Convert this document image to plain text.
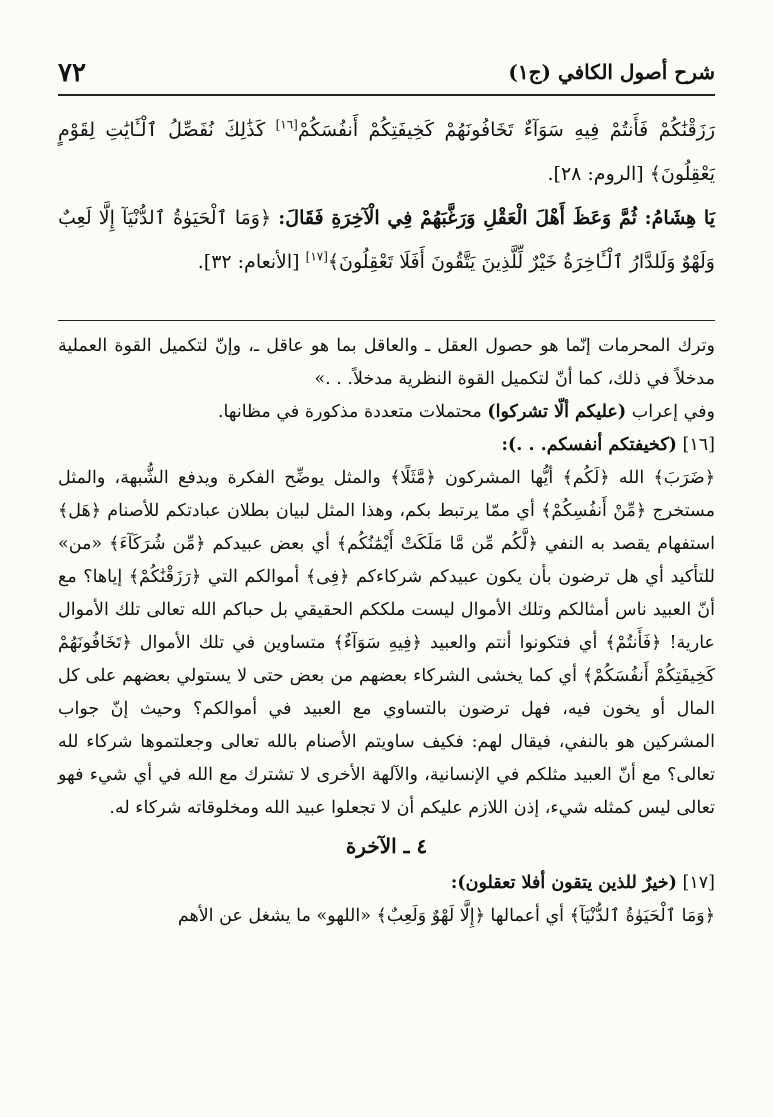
٧٢	شرح أصول الكافي (ج١)

رَزَقْنَٰكُمْ فَأَنتُمْ فِيهِ سَوَآءٌ تَخَافُونَهُمْ كَخِيفَتِكُمْ أَنفُسَكُمْ[١٦] كَذَٰلِكَ نُفَصِّلُ ٱلْـَٔايَٰتِ لِقَوْمٍ يَعْقِلُونَ﴾ [الروم: ٢٨].

يَا هِشَامُ: ثُمَّ وَعَظَ أَهْلَ الْعَقْلِ وَرَغَّبَهُمْ فِي الْآخِرَةِ فَقَالَ: ﴿وَمَا ٱلْحَيَوٰةُ ٱلدُّنْيَآ إِلَّا لَعِبٌ وَلَهْوٌ وَلَلدَّارُ ٱلْـَٔاخِرَةُ خَيْرٌ لِّلَّذِينَ يَتَّقُونَ أَفَلَا تَعْقِلُونَ﴾[١٧] [الأنعام: ٣٢].

وترك المحرمات إنّما هو حصول العقل ـ والعاقل بما هو عاقل ـ، وإنّ لتكميل القوة العملية مدخلاً في ذلك، كما أنّ لتكميل القوة النظرية مدخلاً. . .»

وفي إعراب (عليكم ألّا تشركوا) محتملات متعددة مذكورة في مظانها.

[١٦] (كخيفتكم أنفسكم. . .):

﴿ضَرَبَ﴾ الله ﴿لَكُم﴾ أيُّها المشركون ﴿مَّثَلًا﴾ والمثل يوضِّح الفكرة ويدفع الشُّبهة، والمثل مستخرج ﴿مِّنْ أَنفُسِكُمْ﴾ أي ممّا يرتبط بكم، وهذا المثل لبيان بطلان عبادتكم للأصنام ﴿هَل﴾ استفهام يقصد به النفي ﴿لَّكُم مِّن مَّا مَلَكَتْ أَيْمَٰنُكُم﴾ أي بعض عبيدكم ﴿مِّن شُرَكَآءَ﴾ «من» للتأكيد أي هل ترضون بأن يكون عبيدكم شركاءكم ﴿فِى﴾ أموالكم التي ﴿رَزَقْنَٰكُمْ﴾ إياها؟ مع أنّ العبيد ناس أمثالكم وتلك الأموال ليست ملككم الحقيقي بل حباكم الله تعالى تلك الأموال عارية! ﴿فَأَنتُمْ﴾ أي فتكونوا أنتم والعبيد ﴿فِيهِ سَوَآءٌ﴾ متساوين في تلك الأموال ﴿تَخَافُونَهُمْ كَخِيفَتِكُمْ أَنفُسَكُمْ﴾ أي كما يخشى الشركاء بعضهم من بعض حتى لا يستولي بعضهم على كل المال أو يخون فيه، فهل ترضون بالتساوي مع العبيد في أموالكم؟ وحيث إنّ جواب المشركين هو بالنفي، فيقال لهم: فكيف ساويتم الأصنام بالله تعالى وجعلتموها شركاء لله تعالى؟ مع أنّ العبيد مثلكم في الإنسانية، والآلهة الأخرى لا تشترك مع الله في أي شيء فهو تعالى ليس كمثله شيء، إذن اللازم عليكم أن لا تجعلوا عبيد الله ومخلوقاته شركاء له.

٤ ـ الآخرة

[١٧] (خيرٌ للذين يتقون أفلا تعقلون):

﴿وَمَا ٱلْحَيَوٰةُ ٱلدُّنْيَآ﴾ أي أعمالها ﴿إِلَّا لَهْوٌ وَلَعِبٌ﴾ «اللهو» ما يشغل عن الأهم
